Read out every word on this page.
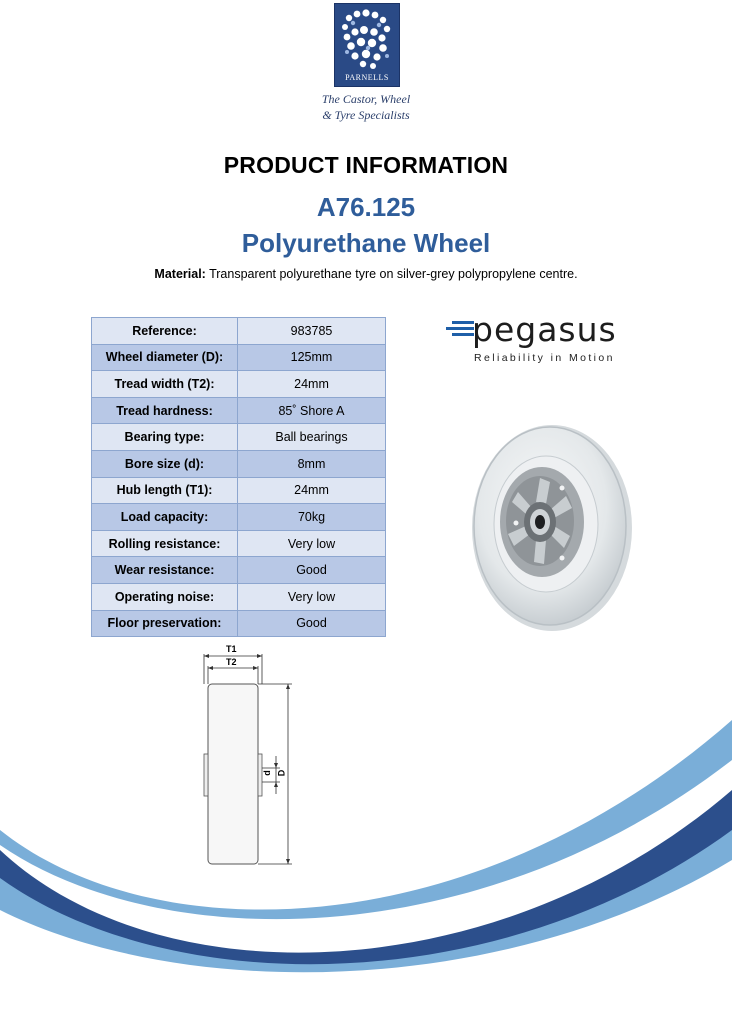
PARNELLS
The Castor, Wheel
& Tyre Specialists
PRODUCT INFORMATION
A76.125
Polyurethane Wheel
Material: Transparent polyurethane tyre on silver-grey polypropylene centre.
Reference:	983785
Wheel diameter (D):	125mm
Tread width (T2):	24mm
Tread hardness:	85˚ Shore A
Bearing type:	Ball bearings
Bore size (d):	8mm
Hub length (T1):	24mm
Load capacity:	70kg
Rolling resistance:	Very low
Wear resistance:	Good
Operating noise:	Very low
Floor preservation:	Good
pegasus
Reliability in Motion
T1
T2
d D
